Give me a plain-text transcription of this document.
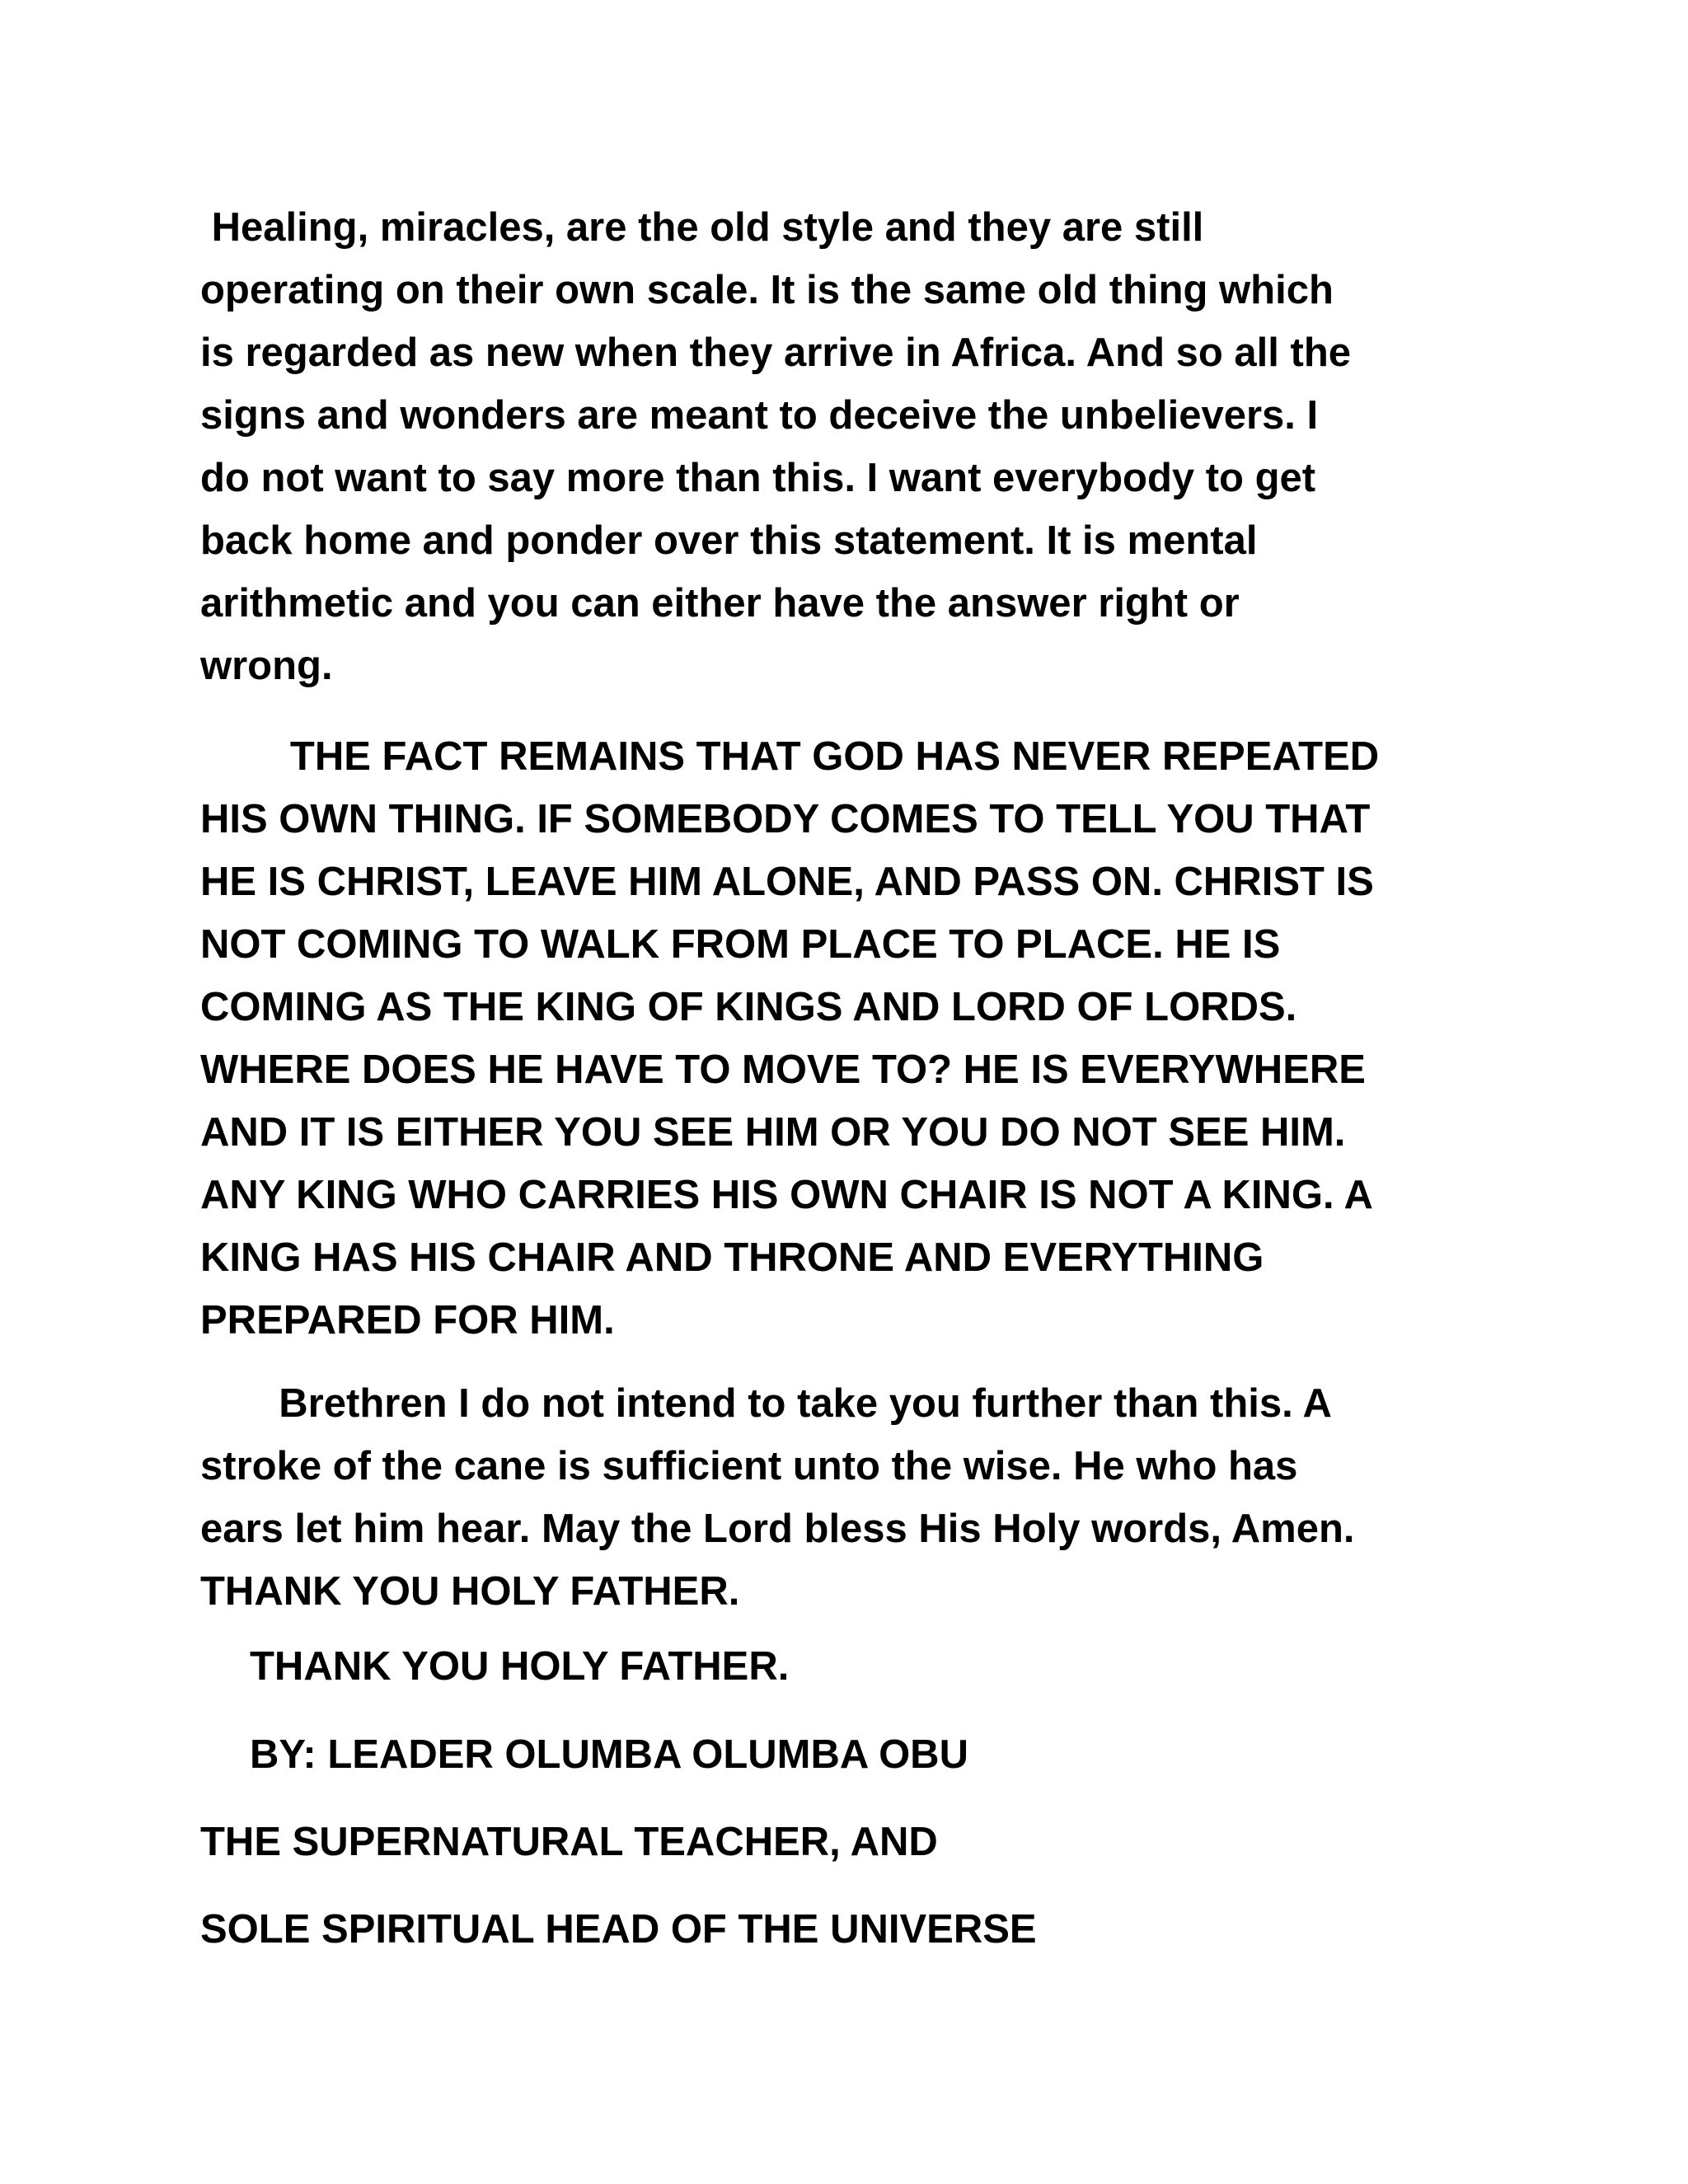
Healing, miracles, are the old style and they are still
operating on their own scale. It is the same old thing which
is regarded as new when they arrive in Africa. And so all the
signs and wonders are meant to deceive the unbelievers. I
do not want to say more than this. I want everybody to get
back home and ponder over this statement. It is mental
arithmetic and you can either have the answer right or
wrong.
THE FACT REMAINS THAT GOD HAS NEVER REPEATED
HIS OWN THING. IF SOMEBODY COMES TO TELL YOU THAT
HE IS CHRIST, LEAVE HIM ALONE, AND PASS ON. CHRIST IS
NOT COMING TO WALK FROM PLACE TO PLACE. HE IS
COMING AS THE KING OF KINGS AND LORD OF LORDS.
WHERE DOES HE HAVE TO MOVE TO? HE IS EVERYWHERE
AND IT IS EITHER YOU SEE HIM OR YOU DO NOT SEE HIM.
ANY KING WHO CARRIES HIS OWN CHAIR IS NOT A KING. A
KING HAS HIS CHAIR AND THRONE AND EVERYTHING
PREPARED FOR HIM.
Brethren I do not intend to take you further than this. A
stroke of the cane is sufficient unto the wise. He who has
ears let him hear. May the Lord bless His Holy words, Amen.
THANK YOU HOLY FATHER.

THANK YOU HOLY FATHER.

BY: LEADER OLUMBA OLUMBA OBU

THE SUPERNATURAL TEACHER, AND

SOLE SPIRITUAL HEAD OF THE UNIVERSE
